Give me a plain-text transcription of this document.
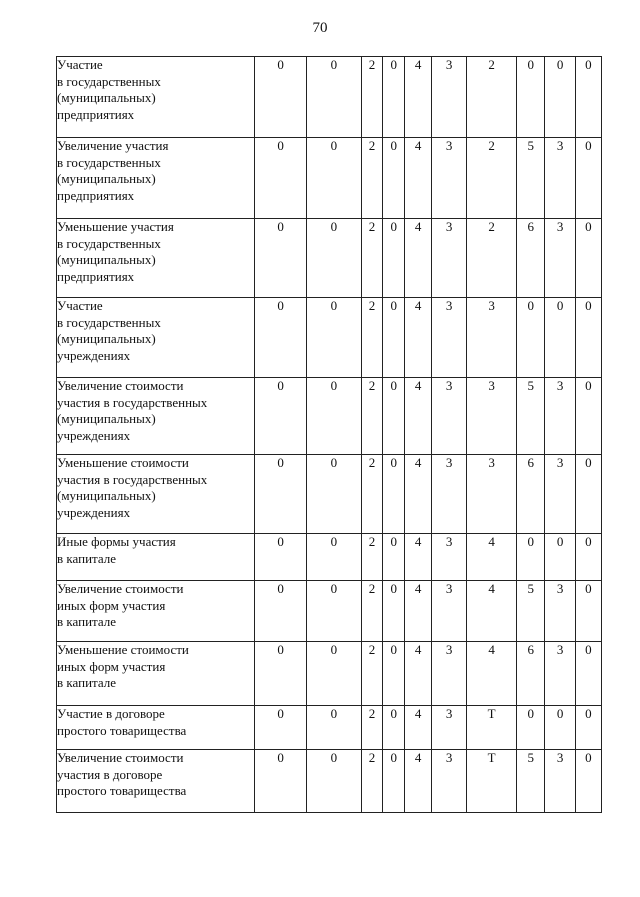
70
Участие
в государственных
(муниципальных)
предприятиях	0	0	2	0	4	3	2	0	0	0

Увеличение участия
в государственных
(муниципальных)
предприятиях	0	0	2	0	4	3	2	5	3	0

Уменьшение участия
в государственных
(муниципальных)
предприятиях	0	0	2	0	4	3	2	6	3	0

Участие
в государственных
(муниципальных)
учреждениях	0	0	2	0	4	3	3	0	0	0

Увеличение стоимости
участия в государственных
(муниципальных)
учреждениях	0	0	2	0	4	3	3	5	3	0

Уменьшение стоимости
участия в государственных
(муниципальных)
учреждениях	0	0	2	0	4	3	3	6	3	0

Иные формы участия
в капитале	0	0	2	0	4	3	4	0	0	0

Увеличение стоимости
иных форм участия
в капитале	0	0	2	0	4	3	4	5	3	0

Уменьшение стоимости
иных форм участия
в капитале	0	0	2	0	4	3	4	6	3	0

Участие в договоре
простого товарищества	0	0	2	0	4	3	Т	0	0	0

Увеличение стоимости
участия в договоре
простого товарищества	0	0	2	0	4	3	Т	5	3	0
